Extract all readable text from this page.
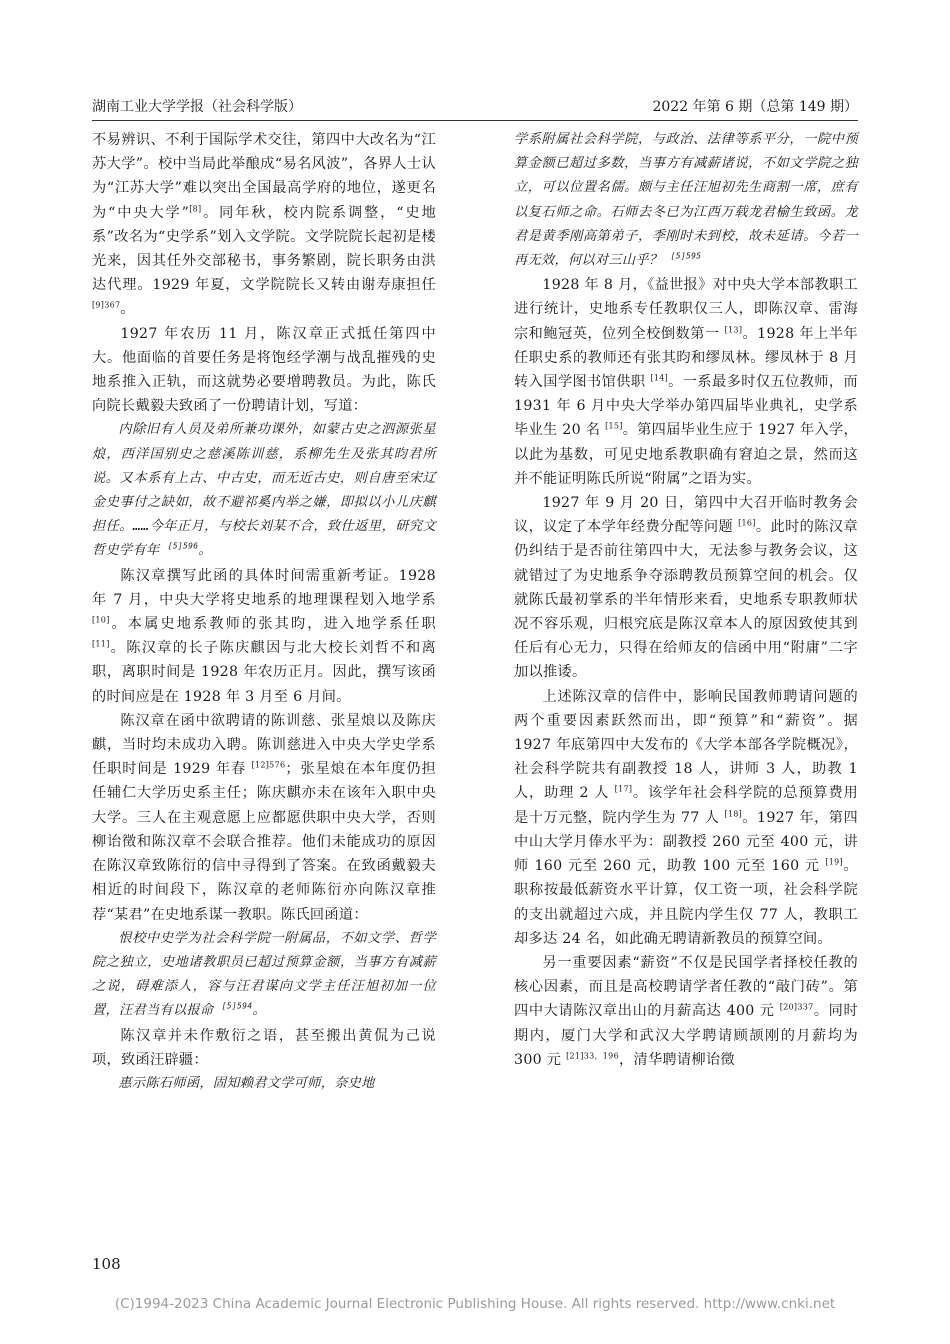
湖南工业大学学报（社会科学版）	2022 年第 6 期（总第 149 期）

不易辨识、不利于国际学术交往，第四中大改名为“江苏大学”。校中当局此举酿成“易名风波”，各界人士认为“江苏大学”难以突出全国最高学府的地位，遂更名为“中央大学”[8]。同年秋，校内院系调整，“史地系”改名为“史学系”划入文学院。文学院院长起初是楼光来，因其任外交部秘书，事务繁剧，院长职务由洪达代理。1929 年夏，文学院院长又转由谢寿康担任 $^{[9]367}$。

1927 年农历 11 月，陈汉章正式抵任第四中大。他面临的首要任务是将饱经学潮与战乱摧残的史地系推入正轨，而这就势必要增聘教员。为此，陈氏向院长戴毅夫致函了一份聘请计划，写道：

内除旧有人员及弟所兼功课外，如蒙古史之泗源张星烺，西洋国别史之慈溪陈训慈，系柳先生及张其昀君所说。又本系有上古、中古史，而无近古史，则自唐至宋辽金史事付之缺如，故不避祁奚内举之嫌，即拟以小儿庆麒担任。……今年正月，与校长刘某不合，致仕返里，研究文哲史学有年 $^{[5]596}$。

陈汉章撰写此函的具体时间需重新考证。1928 年 7 月，中央大学将史地系的地理课程划入地学系 [10]。本属史地系教师的张其昀，进入地学系任职 [11]。陈汉章的长子陈庆麒因与北大校长刘哲不和离职，离职时间是 1928 年农历正月。因此，撰写该函的时间应是在 1928 年 3 月至 6 月间。

陈汉章在函中欲聘请的陈训慈、张星烺以及陈庆麒，当时均未成功入聘。陈训慈进入中央大学史学系任职时间是 1929 年春 $^{[12]576}$；张星烺在本年度仍担任辅仁大学历史系主任；陈庆麒亦未在该年入职中央大学。三人在主观意愿上应都愿供职中央大学，否则柳诒徵和陈汉章不会联合推荐。他们未能成功的原因在陈汉章致陈衍的信中寻得到了答案。在致函戴毅夫相近的时间段下，陈汉章的老师陈衍亦向陈汉章推荐“某君”在史地系谋一教职。陈氏回函道：

恨校中史学为社会科学院一附属品，不如文学、哲学院之独立，史地诸教职员已超过预算金额，当事方有减薪之说，碍难添人，容与汪君谋向文学主任汪旭初加一位置，汪君当有以报命 $^{[5]594}$。

陈汉章并未作敷衍之语，甚至搬出黄侃为己说项，致函汪辟疆：

惠示陈石师函，固知赖君文学可师，奈史地

学系附属社会科学院，与政治、法律等系平分，一院中预算金额已超过多数，当事方有减薪诸说，不如文学院之独立，可以位置名儒。颇与主任汪旭初先生商割一席，庶有以复石师之命。石师去冬已为江西万载龙君榆生致函。龙君是黄季刚高第弟子，季刚时未到校，故未延请。今若一再无效，何以对三山乎？ $^{[5]595}$

1928 年 8 月，《益世报》对中央大学本部教职工进行统计，史地系专任教职仅三人，即陈汉章、雷海宗和鲍冠英，位列全校倒数第一 [13]。1928 年上半年任职史系的教师还有张其昀和缪凤林。缪凤林于 8 月转入国学图书馆供职 [14]。一系最多时仅五位教师，而 1931 年 6 月中央大学举办第四届毕业典礼，史学系毕业生 20 名 [15]。第四届毕业生应于 1927 年入学，以此为基数，可见史地系教职确有窘迫之景，然而这并不能证明陈氏所说“附属”之语为实。

1927 年 9 月 20 日，第四中大召开临时教务会议，议定了本学年经费分配等问题 [16]。此时的陈汉章仍纠结于是否前往第四中大，无法参与教务会议，这就错过了为史地系争夺添聘教员预算空间的机会。仅就陈氏最初掌系的半年情形来看，史地系专职教师状况不容乐观，归根究底是陈汉章本人的原因致使其到任后有心无力，只得在给师友的信函中用“附庸”二字加以推诿。

上述陈汉章的信件中，影响民国教师聘请问题的两个重要因素跃然而出，即“预算”和“薪资”。据 1927 年底第四中大发布的《大学本部各学院概况》，社会科学院共有副教授 18 人，讲师 3 人，助教 1 人，助理 2 人 [17]。该学年社会科学院的总预算费用是十万元整，院内学生为 77 人 [18]。1927 年，第四中山大学月俸水平为：副教授 260 元至 400 元，讲师 160 元至 260 元，助教 100 元至 160 元 [19]。职称按最低薪资水平计算，仅工资一项，社会科学院的支出就超过六成，并且院内学生仅 77 人，教职工却多达 24 名，如此确无聘请新教员的预算空间。

另一重要因素“薪资”不仅是民国学者择校任教的核心因素，而且是高校聘请学者任教的“敲门砖”。第四中大请陈汉章出山的月薪高达 400 元 $^{[20]337}$。同时期内，厦门大学和武汉大学聘请顾颉刚的月薪均为 300 元 $^{[21]33,196}$，清华聘请柳诒徵

108
(C)1994-2023 China Academic Journal Electronic Publishing House. All rights reserved. http://www.cnki.net
